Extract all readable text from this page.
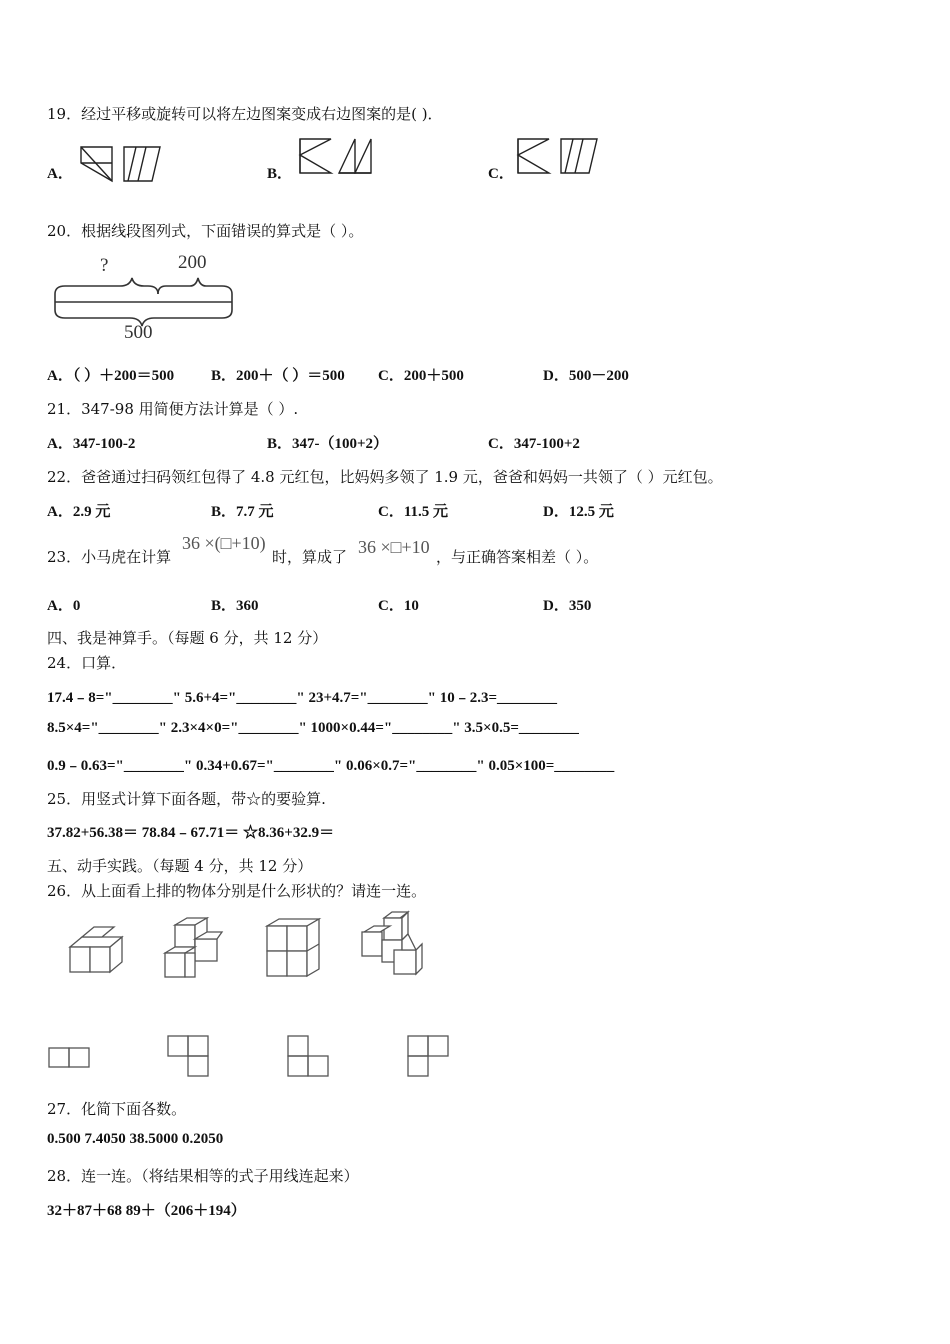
19．经过平移或旋转可以将左边图案变成右边图案的是( )．
A．	B．	C．
20．根据线段图列式，下面错误的算式是（ ）。
?	200
500
A．（ ）＋200＝500 B．200＋（ ）＝500 C．200＋500	D．500－200
21．347-98 用简便方法计算是（ ）.
A．347-100-2	B．347-（100+2）	C．347-100+2
22．爸爸通过扫码领红包得了 4.8 元红包，比妈妈多领了 1.9 元，爸爸和妈妈一共领了（ ）元红包。
A．2.9 元	B．7.7 元	C．11.5 元	D．12.5 元
23．小马虎在计算
36 ×(□+10)
时，算成了 36 ×□+10 ，与正确答案相差（ ）。
A．0	B．360	C．10	D．350
四、我是神算手。（每题 6 分，共 12 分）
24．口算．
17.4﹣8="________" 5.6+4="________" 23+4.7="________" 10﹣2.3=________
8.5×4="________" 2.3×4×0="________" 1000×0.44="________" 3.5×0.5=________
0.9﹣0.63="________" 0.34+0.67="________" 0.06×0.7="________" 0.05×100=________
25．用竖式计算下面各题，带☆的要验算.
37.82+56.38＝ 78.84﹣67.71＝ ☆8.36+32.9＝
五、动手实践。（每题 4 分，共 12 分）
26．从上面看上排的物体分别是什么形状的？请连一连。
27．化简下面各数。
0.500 7.4050 38.5000 0.2050
28．连一连。（将结果相等的式子用线连起来）
32＋87＋68 89＋（206＋194）
